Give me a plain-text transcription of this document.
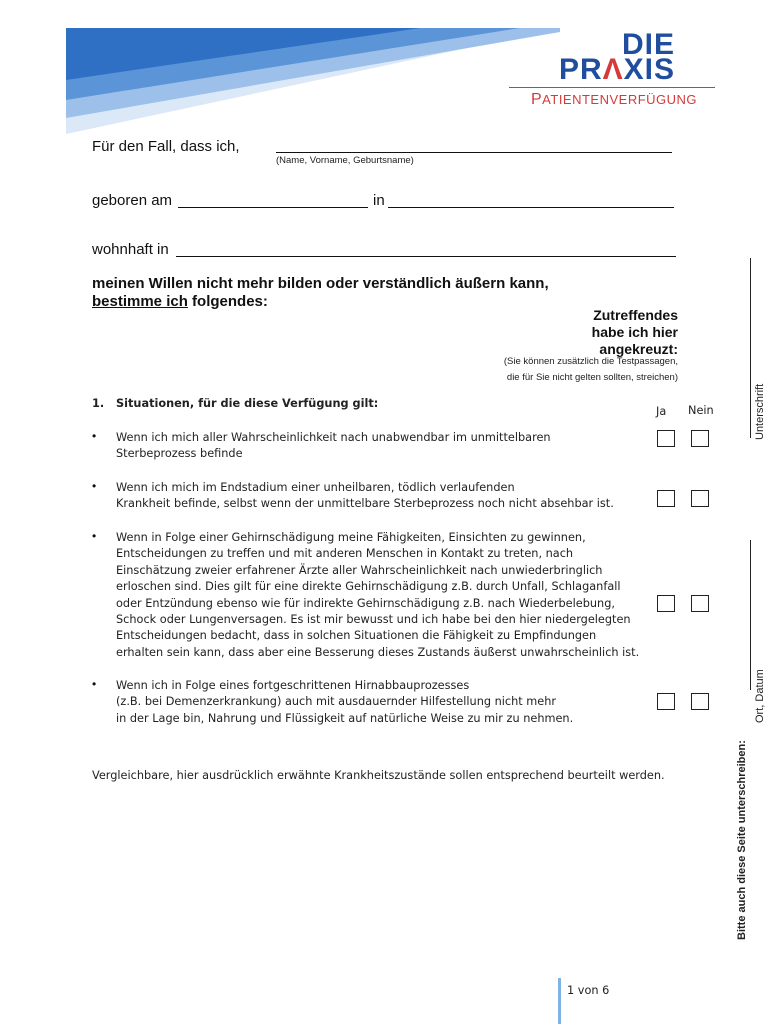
DIE
PRΛXIS
PATIENTENVERFÜGUNG
Für den Fall, dass ich,
(Name, Vorname, Geburtsname)
geboren am	in
wohnhaft in
meinen Willen nicht mehr bilden oder verständlich äußern kann,
bestimme ich folgendes:
Zutreffendes
habe ich hier
angekreuzt:
(Sie können zusätzlich die Testpassagen,
die für Sie nicht gelten sollten, streichen)
1. Situationen, für die diese Verfügung gilt:
Ja Nein
• Wenn ich mich aller Wahrscheinlichkeit nach unabwendbar im unmittelbaren
Sterbeprozess befinde
• Wenn ich mich im Endstadium einer unheilbaren, tödlich verlaufenden
Krankheit befinde, selbst wenn der unmittelbare Sterbeprozess noch nicht absehbar ist.
• Wenn in Folge einer Gehirnschädigung meine Fähigkeiten, Einsichten zu gewinnen,
Entscheidungen zu treffen und mit anderen Menschen in Kontakt zu treten, nach
Einschätzung zweier erfahrener Ärzte aller Wahrscheinlichkeit nach unwiederbringlich
erloschen sind. Dies gilt für eine direkte Gehirnschädigung z.B. durch Unfall, Schlaganfall
oder Entzündung ebenso wie für indirekte Gehirnschädigung z.B. nach Wiederbelebung,
Schock oder Lungenversagen. Es ist mir bewusst und ich habe bei den hier niedergelegten
Entscheidungen bedacht, dass in solchen Situationen die Fähigkeit zu Empfindungen
erhalten sein kann, dass aber eine Besserung dieses Zustands äußerst unwahrscheinlich ist.
• Wenn ich in Folge eines fortgeschrittenen Hirnabbauprozesses
(z.B. bei Demenzerkrankung) auch mit ausdauernder Hilfestellung nicht mehr
in der Lage bin, Nahrung und Flüssigkeit auf natürliche Weise zu mir zu nehmen.
Vergleichbare, hier ausdrücklich erwähnte Krankheitszustände sollen entsprechend beurteilt werden.
Unterschrift
Ort, Datum
Bitte auch diese Seite unterschreiben:
1 von 6
